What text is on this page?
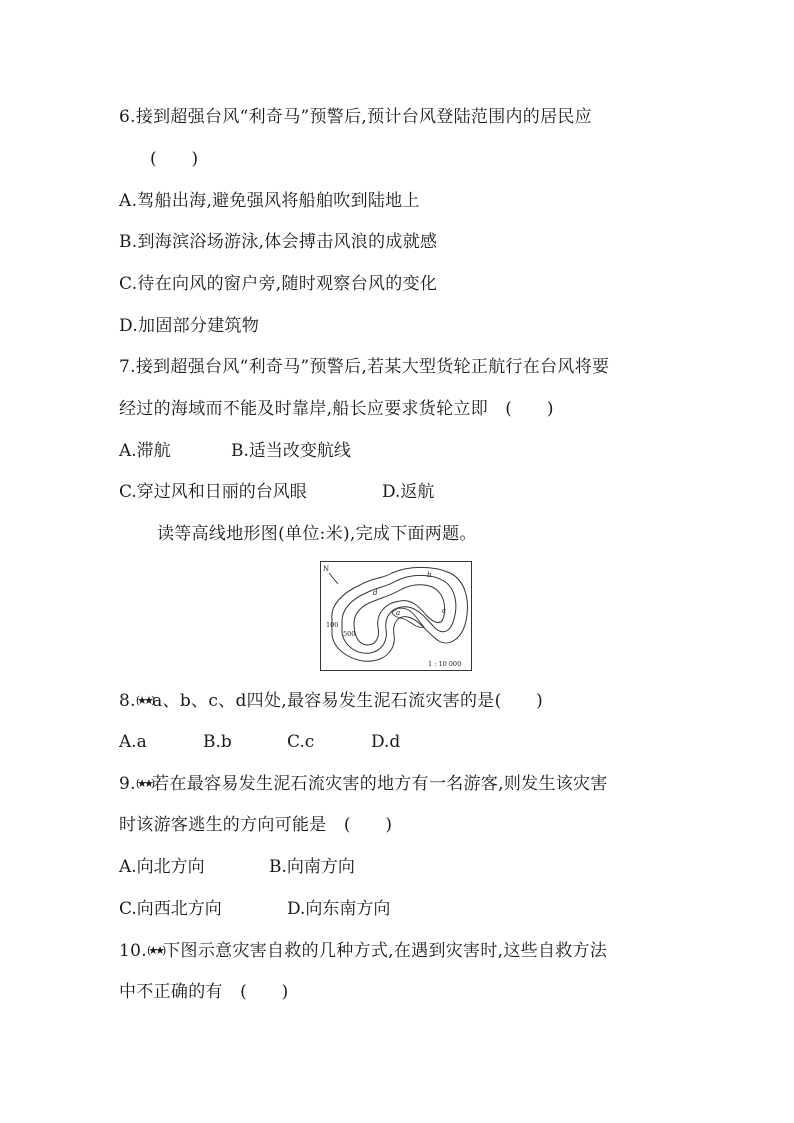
6.接到超强台风“利奇马”预警后,预计台风登陆范围内的居民应
(　　)
A.驾船出海,避免强风将船舶吹到陆地上
B.到海滨浴场游泳,体会搏击风浪的成就感
C.待在向风的窗户旁,随时观察台风的变化
D.加固部分建筑物
7.接到超强台风“利奇马”预警后,若某大型货轮正航行在台风将要
经过的海域而不能及时靠岸,船长应要求货轮立即　(　　)
A.滞航	B.适当改变航线
C.穿过风和日丽的台风眼	D.返航
读等高线地形图(单位:米),完成下面两题。
N
a
b
c
d
100
500
1 : 10 000
8.(★★)a、b、c、d四处,最容易发生泥石流灾害的是(　　)
A.a	B.b	C.c	D.d
9.(★★)若在最容易发生泥石流灾害的地方有一名游客,则发生该灾害
时该游客逃生的方向可能是　(　　)
A.向北方向	B.向南方向
C.向西北方向	D.向东南方向
10.(★★)下图示意灾害自救的几种方式,在遇到灾害时,这些自救方法
中不正确的有　(　　)
